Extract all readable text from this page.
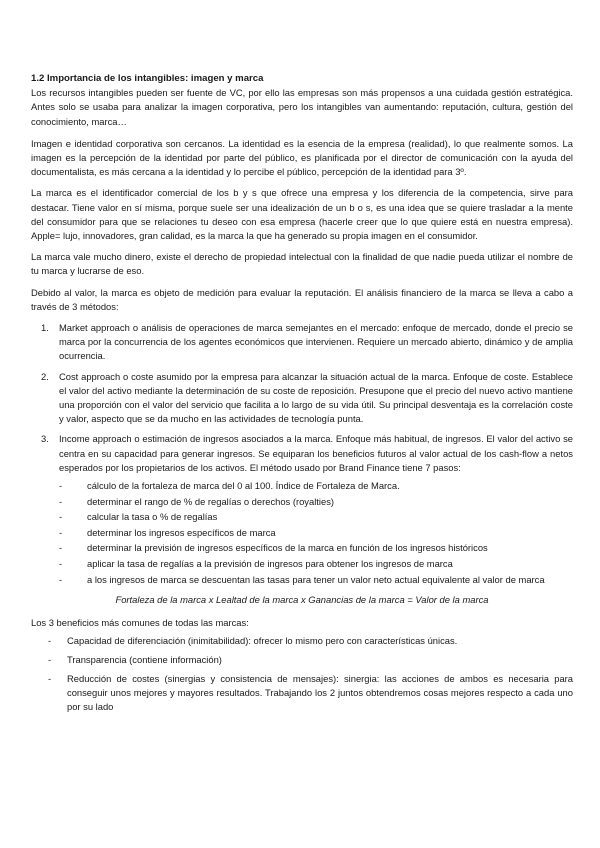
1.2 Importancia de los intangibles: imagen y marca

Los recursos intangibles pueden ser fuente de VC, por ello las empresas son más propensos a una cuidada gestión estratégica. Antes solo se usaba para analizar la imagen corporativa, pero los intangibles van aumentando: reputación, cultura, gestión del conocimiento, marca…

Imagen e identidad corporativa son cercanos. La identidad es la esencia de la empresa (realidad), lo que realmente somos. La imagen es la percepción de la identidad por parte del público, es planificada por el director de comunicación con la ayuda del documentalista, es más cercana a la identidad y lo percibe el público, percepción de la identidad para 3º.

La marca es el identificador comercial de los b y s que ofrece una empresa y los diferencia de la competencia, sirve para destacar. Tiene valor en sí misma, porque suele ser una idealización de un b o s, es una idea que se quiere trasladar a la mente del consumidor para que se relaciones tu deseo con esa empresa (hacerle creer que lo que quiere está en nuestra empresa). Apple= lujo, innovadores, gran calidad, es la marca la que ha generado su propia imagen en el consumidor.

La marca vale mucho dinero, existe el derecho de propiedad intelectual con la finalidad de que nadie pueda utilizar el nombre de tu marca y lucrarse de eso.

Debido al valor, la marca es objeto de medición para evaluar la reputación. El análisis financiero de la marca se lleva a cabo a través de 3 métodos:

1. Market approach o análisis de operaciones de marca semejantes en el mercado: enfoque de mercado, donde el precio se marca por la concurrencia de los agentes económicos que intervienen. Requiere un mercado abierto, dinámico y de amplia ocurrencia.
2. Cost approach o coste asumido por la empresa para alcanzar la situación actual de la marca. Enfoque de coste. Establece el valor del activo mediante la determinación de su coste de reposición. Presupone que el precio del nuevo activo mantiene una proporción con el valor del servicio que facilita a lo largo de su vida útil. Su principal desventaja es la correlación coste y valor, aspecto que se da mucho en las actividades de tecnología punta.
3. Income approach o estimación de ingresos asociados a la marca. Enfoque más habitual, de ingresos. El valor del activo se centra en su capacidad para generar ingresos. Se equiparan los beneficios futuros al valor actual de los cash-flow a netos esperados por los propietarios de los activos. El método usado por Brand Finance tiene 7 pasos:
-	cálculo de la fortaleza de marca del 0 al 100. Índice de Fortaleza de Marca.
-	determinar el rango de % de regalías o derechos (royalties)
-	calcular la tasa o % de regalías
-	determinar los ingresos específicos de marca
-	determinar la previsión de ingresos específicos de la marca en función de los ingresos históricos
-	aplicar la tasa de regalías a la previsión de ingresos para obtener los ingresos de marca
-	a los ingresos de marca se descuentan las tasas para tener un valor neto actual equivalente al valor de marca

Fortaleza de la marca x Lealtad de la marca x Ganancias de la marca = Valor de la marca

Los 3 beneficios más comunes de todas las marcas:

- Capacidad de diferenciación (inimitabilidad): ofrecer lo mismo pero con características únicas.
- Transparencia (contiene información)
- Reducción de costes (sinergias y consistencia de mensajes): sinergia: las acciones de ambos es necesaria para conseguir unos mejores y mayores resultados. Trabajando los 2 juntos obtendremos cosas mejores respecto a cada uno por su lado
